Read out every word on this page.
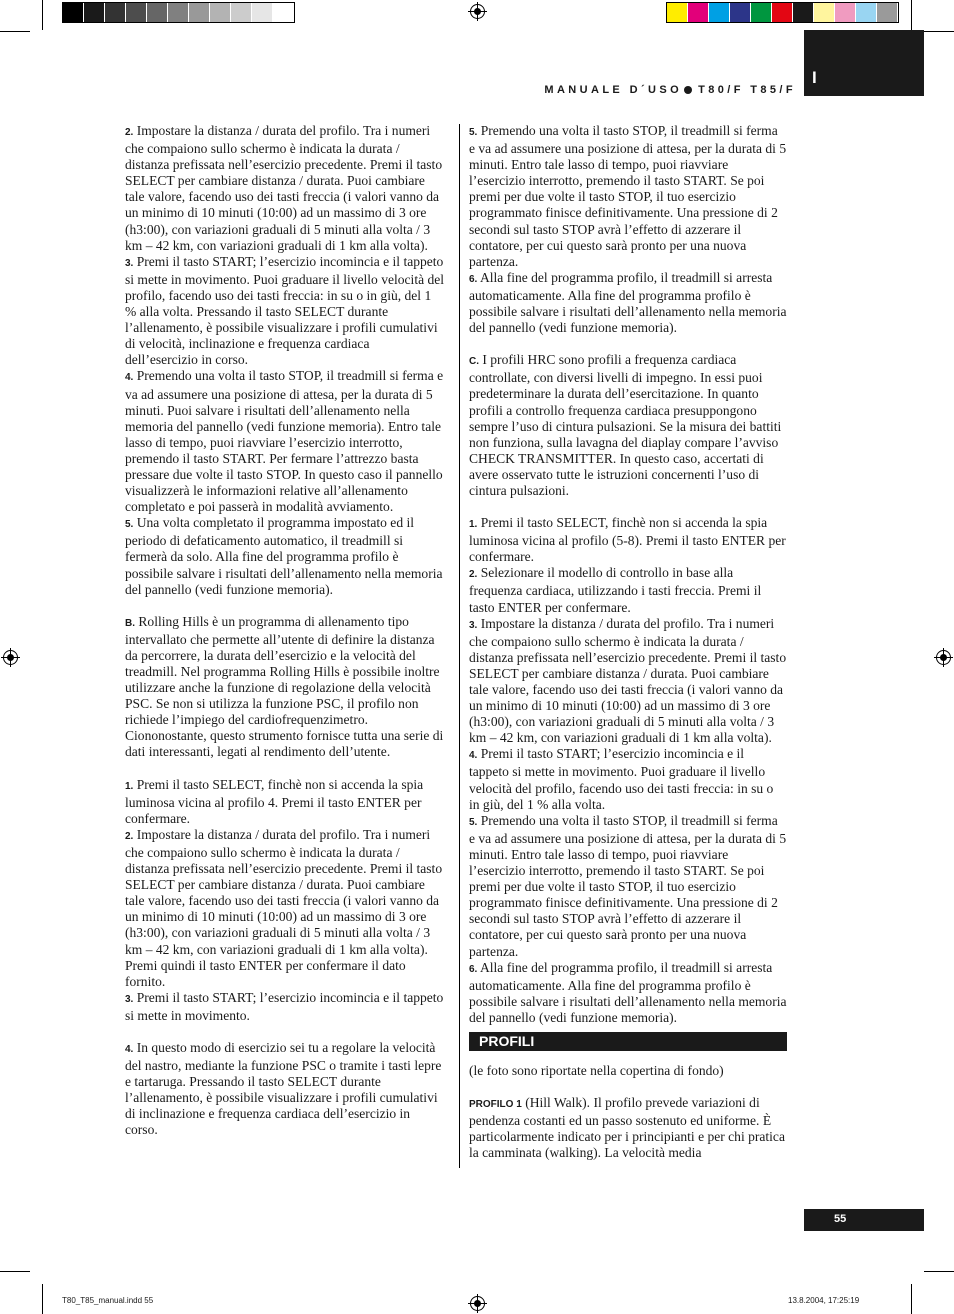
I
MANUALE D´USO T80/F T85/F

2. Impostare la distanza / durata del profilo. Tra i numeri che compaiono sullo schermo è indicata la durata / distanza prefissata nell’esercizio precedente. Premi il tasto SELECT per cambiare distanza / durata. Puoi cambiare tale valore, facendo uso dei tasti freccia (i valori vanno da un minimo di 10 minuti (10:00) ad un massimo di 3 ore (h3:00), con variazioni graduali di 5 minuti alla volta / 3 km – 42 km, con variazioni graduali di 1 km alla volta).

3. Premi il tasto START; l’esercizio incomincia e il tappeto si mette in movimento. Puoi graduare il livello velocità del profilo, facendo uso dei tasti freccia: in su o in giù, del 1 % alla volta. Pressando il tasto SELECT durante l’allenamento, è possibile visualizzare i profili cumulativi di velocità, inclinazione e frequenza cardiaca dell’esercizio in corso.

4. Premendo una volta il tasto STOP, il treadmill si ferma e va ad assumere una posizione di attesa, per la durata di 5 minuti. Puoi salvare i risultati dell’allenamento nella memoria del pannello (vedi funzione memoria). Entro tale lasso di tempo, puoi riavviare l’esercizio interrotto, premendo il tasto START. Per fermare l’attrezzo basta pressare due volte il tasto STOP. In questo caso il pannello visualizzerà le informazioni relative all’allenamento completato e poi passerà in modalità avviamento.

5. Una volta completato il programma impostato ed il periodo di defaticamento automatico, il treadmill si fermerà da solo. Alla fine del programma profilo è possibile salvare i risultati dell’allenamento nella memoria del pannello (vedi funzione memoria).

B. Rolling Hills è un programma di allenamento tipo intervallato che permette all’utente di definire la distanza da percorrere, la durata dell’esercizio e la velocità del treadmill. Nel programma Rolling Hills è possibile inoltre utilizzare anche la funzione di regolazione della velocità PSC. Se non si utilizza la funzione PSC, il profilo non richiede l’impiego del cardiofrequenzimetro. Ciononostante, questo strumento fornisce tutta una serie di dati interessanti, legati al rendimento dell’utente.

1. Premi il tasto SELECT, finchè non si accenda la spia luminosa vicina al profilo 4. Premi il tasto ENTER per confermare.

2. Impostare la distanza / durata del profilo. Tra i numeri che compaiono sullo schermo è indicata la durata / distanza prefissata nell’esercizio precedente. Premi il tasto SELECT per cambiare distanza / durata. Puoi cambiare tale valore, facendo uso dei tasti freccia (i valori vanno da un minimo di 10 minuti (10:00) ad un massimo di 3 ore (h3:00), con variazioni graduali di 5 minuti alla volta / 3 km – 42 km, con variazioni graduali di 1 km alla volta). Premi quindi il tasto ENTER per confermare il dato fornito.

3. Premi il tasto START; l’esercizio incomincia e il tappeto si mette in movimento.

4. In questo modo di esercizio sei tu a regolare la velocità del nastro, mediante la funzione PSC o tramite i tasti lepre e tartaruga. Pressando il tasto SELECT durante l’allenamento, è possibile visualizzare i profili cumulativi di inclinazione e frequenza cardiaca dell’esercizio in corso.

5. Premendo una volta il tasto STOP, il treadmill si ferma e va ad assumere una posizione di attesa, per la durata di 5 minuti. Entro tale lasso di tempo, puoi riavviare l’esercizio interrotto, premendo il tasto START. Se poi premi per due volte il tasto STOP, il tuo esercizio programmato finisce definitivamente. Una pressione di 2 secondi sul tasto STOP avrà l’effetto di azzerare il contatore, per cui questo sarà pronto per una nuova partenza.

6. Alla fine del programma profilo, il treadmill si arresta automaticamente. Alla fine del programma profilo è possibile salvare i risultati dell’allenamento nella memoria del pannello (vedi funzione memoria).

C. I profili HRC sono profili a frequenza cardiaca controllate, con diversi livelli di impegno. In essi puoi predeterminare la durata dell’esercitazione. In quanto profili a controllo frequenza cardiaca presuppongono sempre l’uso di cintura pulsazioni. Se la misura dei battiti non funziona, sulla lavagna del diaplay compare l’avviso CHECK TRANSMITTER. In questo caso, accertati di avere osservato tutte le istruzioni concernenti l’uso di cintura pulsazioni.

1. Premi il tasto SELECT, finchè non si accenda la spia luminosa vicina al profilo (5-8). Premi il tasto ENTER per confermare.

2. Selezionare il modello di controllo in base alla frequenza cardiaca, utilizzando i tasti freccia. Premi il tasto ENTER per confermare.

3. Impostare la distanza / durata del profilo. Tra i numeri che compaiono sullo schermo è indicata la durata / distanza prefissata nell’esercizio precedente. Premi il tasto SELECT per cambiare distanza / durata. Puoi cambiare tale valore, facendo uso dei tasti freccia (i valori vanno da un minimo di 10 minuti (10:00) ad un massimo di 3 ore (h3:00), con variazioni graduali di 5 minuti alla volta / 3 km – 42 km, con variazioni graduali di 1 km alla volta).

4. Premi il tasto START; l’esercizio incomincia e il tappeto si mette in movimento. Puoi graduare il livello velocità del profilo, facendo uso dei tasti freccia: in su o in giù, del 1 % alla volta.

5. Premendo una volta il tasto STOP, il treadmill si ferma e va ad assumere una posizione di attesa, per la durata di 5 minuti. Entro tale lasso di tempo, puoi riavviare l’esercizio interrotto, premendo il tasto START. Se poi premi per due volte il tasto STOP, il tuo esercizio programmato finisce definitivamente. Una pressione di 2 secondi sul tasto STOP avrà l’effetto di azzerare il contatore, per cui questo sarà pronto per una nuova partenza.

6. Alla fine del programma profilo, il treadmill si arresta automaticamente. Alla fine del programma profilo è possibile salvare i risultati dell’allenamento nella memoria del pannello (vedi funzione memoria).

PROFILI

(le foto sono riportate nella copertina di fondo)

PROFILO 1 (Hill Walk). Il profilo prevede variazioni di pendenza costanti ed un passo sostenuto ed uniforme. È particolarmente indicato per i principianti e per chi pratica la camminata (walking). La velocità media

55
T80_T85_manual.indd 55	13.8.2004, 17:25:19
